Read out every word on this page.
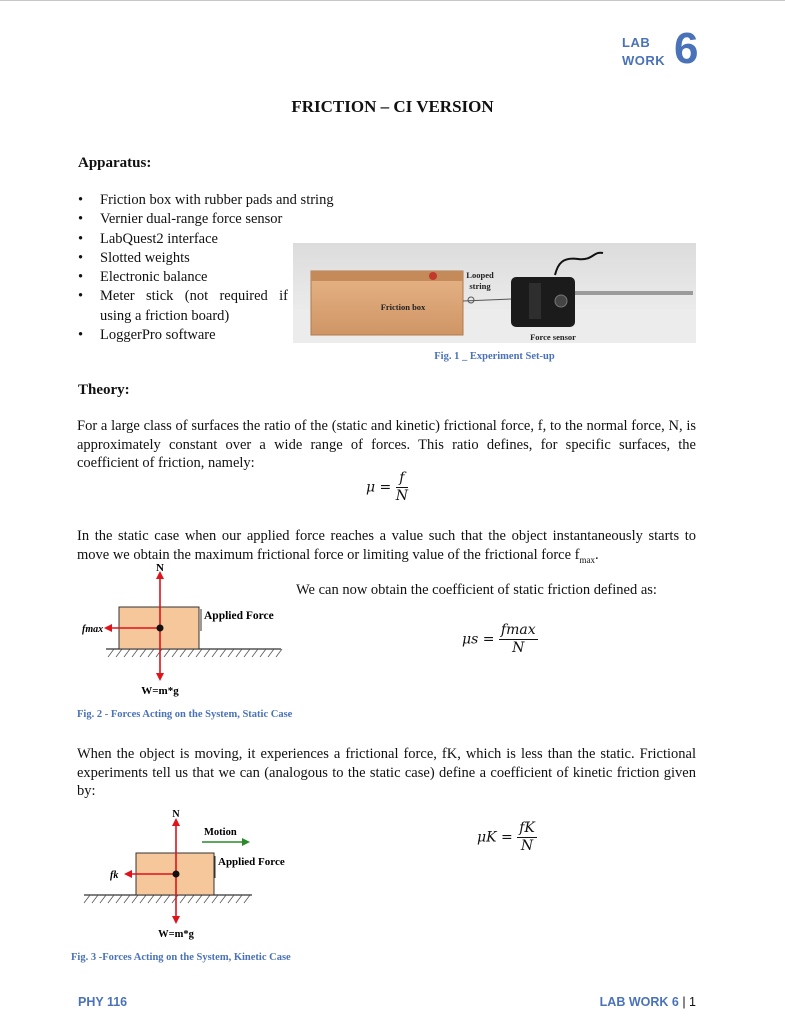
LAB
WORK 6
FRICTION – CI VERSION
Apparatus:
• Friction box with rubber pads and string
• Vernier dual-range force sensor
• LabQuest2 interface
• Slotted weights
• Electronic balance
• Meter stick (not required if using a friction board)
• LoggerPro software
Friction box
Looped
string
Force sensor
Fig. 1 _ Experiment Set-up
Theory:
For a large class of surfaces the ratio of the (static and kinetic) frictional force, f, to the normal force, N, is approximately constant over a wide range of forces. This ratio defines, for specific surfaces, the coefficient of friction, namely:
$\mu = \frac{f}{N}$
In the static case when our applied force reaches a value such that the object instantaneously starts to move we obtain the maximum frictional force or limiting value of the frictional force $f_{max}$.
N
fmax
Applied Force
W=m*g
Fig. 2 - Forces Acting on the System, Static Case
We can now obtain the coefficient of static friction defined as:
$\mu s = \frac{fmax}{N}$
When the object is moving, it experiences a frictional force, fK, which is less than the static. Frictional experiments tell us that we can (analogous to the static case) define a coefficient of kinetic friction given by:
$\mu K = \frac{fK}{N}$
N
Motion
fk
Applied Force
W=m*g
Fig. 3 -Forces Acting on the System, Kinetic Case
PHY 116	LAB WORK 6 | 1
